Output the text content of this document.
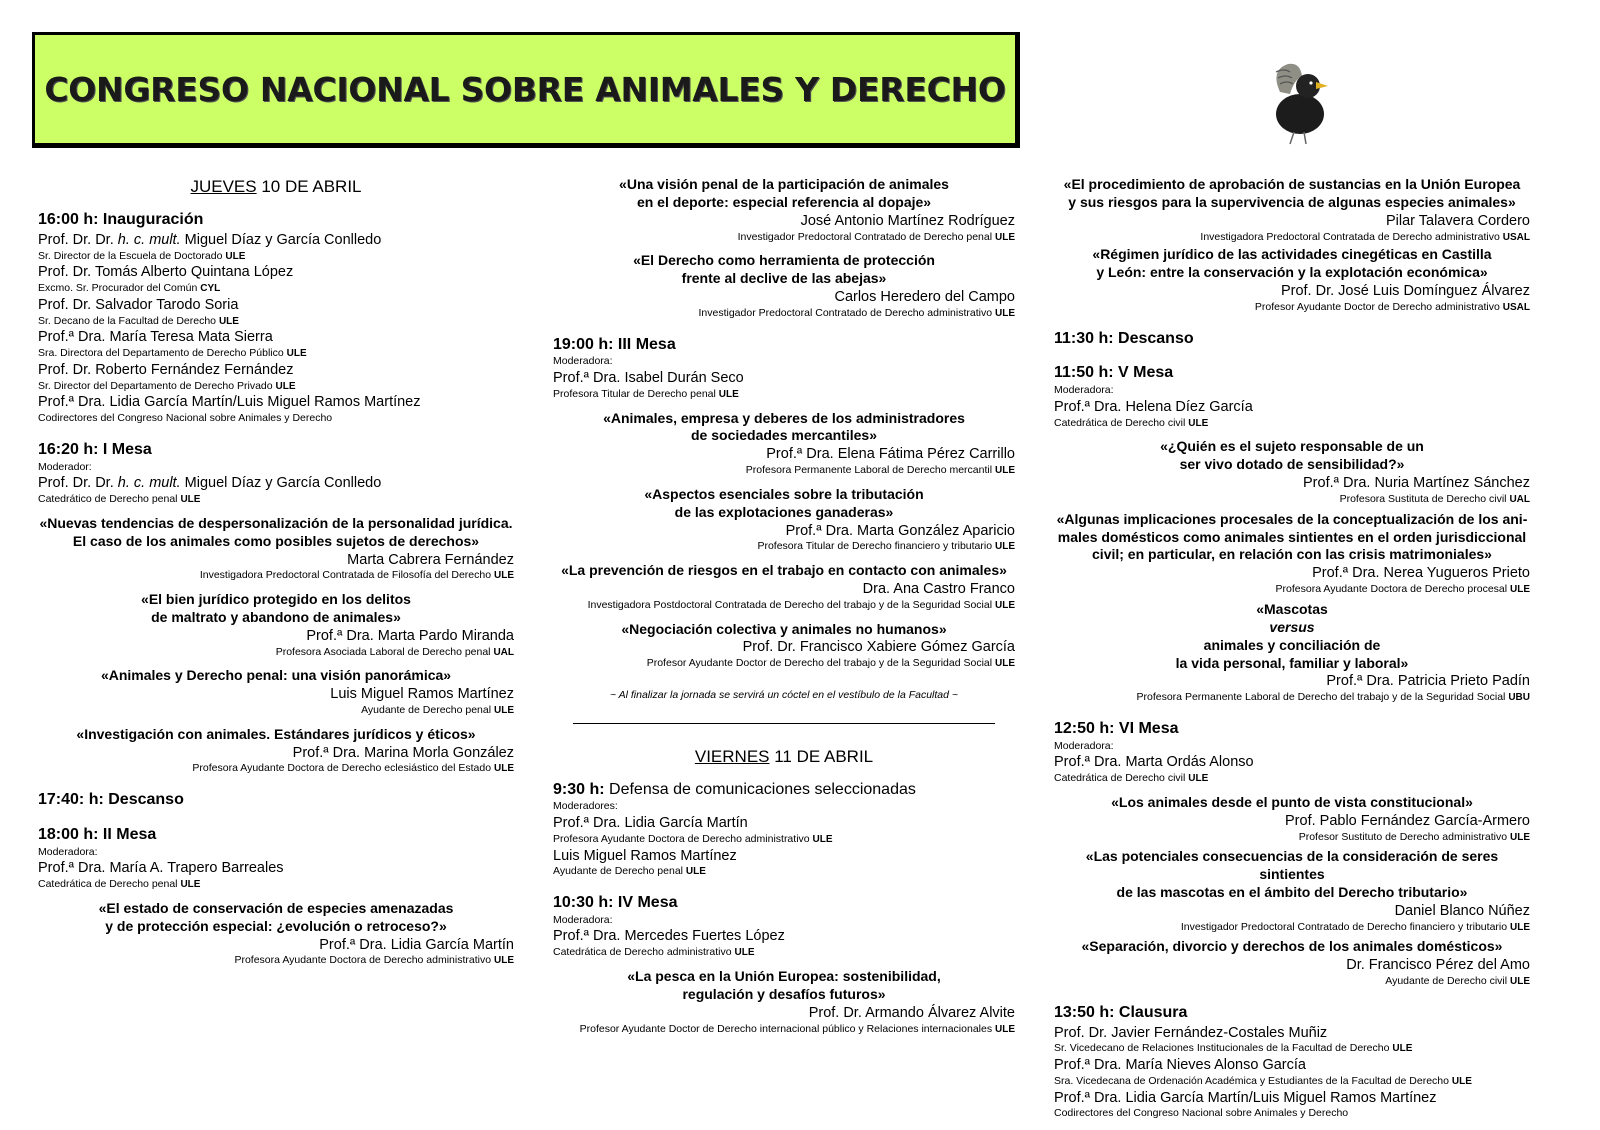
CONGRESO NACIONAL SOBRE ANIMALES Y DERECHO
JUEVES 10 DE ABRIL
16:00 h: Inauguración
Prof. Dr. Dr. h. c. mult. Miguel Díaz y García Conlledo
Sr. Director de la Escuela de Doctorado ULE
Prof. Dr. Tomás Alberto Quintana López
Excmo. Sr. Procurador del Común CYL
Prof. Dr. Salvador Tarodo Soria
Sr. Decano de la Facultad de Derecho ULE
Prof.ª Dra. María Teresa Mata Sierra
Sra. Directora del Departamento de Derecho Público ULE
Prof. Dr. Roberto Fernández Fernández
Sr. Director del Departamento de Derecho Privado ULE
Prof.ª Dra. Lidia García Martín/Luis Miguel Ramos Martínez
Codirectores del Congreso Nacional sobre Animales y Derecho
16:20 h: I Mesa
Moderador:
Prof. Dr. Dr. h. c. mult. Miguel Díaz y García Conlledo
Catedrático de Derecho penal ULE
«Nuevas tendencias de despersonalización de la personalidad jurídica.
El caso de los animales como posibles sujetos de derechos»
Marta Cabrera Fernández
Investigadora Predoctoral Contratada de Filosofía del Derecho ULE
«El bien jurídico protegido en los delitos
de maltrato y abandono de animales»
Prof.ª Dra. Marta Pardo Miranda
Profesora Asociada Laboral de Derecho penal UAL
«Animales y Derecho penal: una visión panorámica»
Luis Miguel Ramos Martínez
Ayudante de Derecho penal ULE
«Investigación con animales. Estándares jurídicos y éticos»
Prof.ª Dra. Marina Morla González
Profesora Ayudante Doctora de Derecho eclesiástico del Estado ULE
17:40: h: Descanso
18:00 h: II Mesa
Moderadora:
Prof.ª Dra. María A. Trapero Barreales
Catedrática de Derecho penal ULE
«El estado de conservación de especies amenazadas
y de protección especial: ¿evolución o retroceso?»
Prof.ª Dra. Lidia García Martín
Profesora Ayudante Doctora de Derecho administrativo ULE
«Una visión penal de la participación de animales
en el deporte: especial referencia al dopaje»
José Antonio Martínez Rodríguez
Investigador Predoctoral Contratado de Derecho penal ULE
«El Derecho como herramienta de protección
frente al declive de las abejas»
Carlos Heredero del Campo
Investigador Predoctoral Contratado de Derecho administrativo ULE
19:00 h: III Mesa
Moderadora:
Prof.ª Dra. Isabel Durán Seco
Profesora Titular de Derecho penal ULE
«Animales, empresa y deberes de los administradores
de sociedades mercantiles»
Prof.ª Dra. Elena Fátima Pérez Carrillo
Profesora Permanente Laboral de Derecho mercantil ULE
«Aspectos esenciales sobre la tributación
de las explotaciones ganaderas»
Prof.ª Dra. Marta González Aparicio
Profesora Titular de Derecho financiero y tributario ULE
«La prevención de riesgos en el trabajo en contacto con animales»
Dra. Ana Castro Franco
Investigadora Postdoctoral Contratada de Derecho del trabajo y de la Seguridad Social ULE
«Negociación colectiva y animales no humanos»
Prof. Dr. Francisco Xabiere Gómez García
Profesor Ayudante Doctor de Derecho del trabajo y de la Seguridad Social ULE
~ Al finalizar la jornada se servirá un cóctel en el vestíbulo de la Facultad ~
VIERNES 11 DE ABRIL
9:30 h: Defensa de comunicaciones seleccionadas
Moderadores:
Prof.ª Dra. Lidia García Martín
Profesora Ayudante Doctora de Derecho administrativo ULE
Luis Miguel Ramos Martínez
Ayudante de Derecho penal ULE
10:30 h: IV Mesa
Moderadora:
Prof.ª Dra. Mercedes Fuertes López
Catedrática de Derecho administrativo ULE
«La pesca en la Unión Europea: sostenibilidad,
regulación y desafíos futuros»
Prof. Dr. Armando Álvarez Alvite
Profesor Ayudante Doctor de Derecho internacional público y Relaciones internacionales ULE
«El procedimiento de aprobación de sustancias en la Unión Europea
y sus riesgos para la supervivencia de algunas especies animales»
Pilar Talavera Cordero
Investigadora Predoctoral Contratada de Derecho administrativo USAL
«Régimen jurídico de las actividades cinegéticas en Castilla
y León: entre la conservación y la explotación económica»
Prof. Dr. José Luis Domínguez Álvarez
Profesor Ayudante Doctor de Derecho administrativo USAL
11:30 h: Descanso
11:50 h: V Mesa
Moderadora:
Prof.ª Dra. Helena Díez García
Catedrática de Derecho civil ULE
«¿Quién es el sujeto responsable de un
ser vivo dotado de sensibilidad?»
Prof.ª Dra. Nuria Martínez Sánchez
Profesora Sustituta de Derecho civil UAL
«Algunas implicaciones procesales de la conceptualización de los ani-
males domésticos como animales sintientes en el orden jurisdiccional
civil; en particular, en relación con las crisis matrimoniales»
Prof.ª Dra. Nerea Yugueros Prieto
Profesora Ayudante Doctora de Derecho procesal ULE
«Mascotas
versus
animales y conciliación de
la vida personal, familiar y laboral»
Prof.ª Dra. Patricia Prieto Padín
Profesora Permanente Laboral de Derecho del trabajo y de la Seguridad Social UBU
12:50 h: VI Mesa
Moderadora:
Prof.ª Dra. Marta Ordás Alonso
Catedrática de Derecho civil ULE
«Los animales desde el punto de vista constitucional»
Prof. Pablo Fernández García-Armero
Profesor Sustituto de Derecho administrativo ULE
«Las potenciales consecuencias de la consideración de seres sintientes
de las mascotas en el ámbito del Derecho tributario»
Daniel Blanco Núñez
Investigador Predoctoral Contratado de Derecho financiero y tributario ULE
«Separación, divorcio y derechos de los animales domésticos»
Dr. Francisco Pérez del Amo
Ayudante de Derecho civil ULE
13:50 h: Clausura
Prof. Dr. Javier Fernández-Costales Muñiz
Sr. Vicedecano de Relaciones Institucionales de la Facultad de Derecho ULE
Prof.ª Dra. María Nieves Alonso García
Sra. Vicedecana de Ordenación Académica y Estudiantes de la Facultad de Derecho ULE
Prof.ª Dra. Lidia García Martín/Luis Miguel Ramos Martínez
Codirectores del Congreso Nacional sobre Animales y Derecho
